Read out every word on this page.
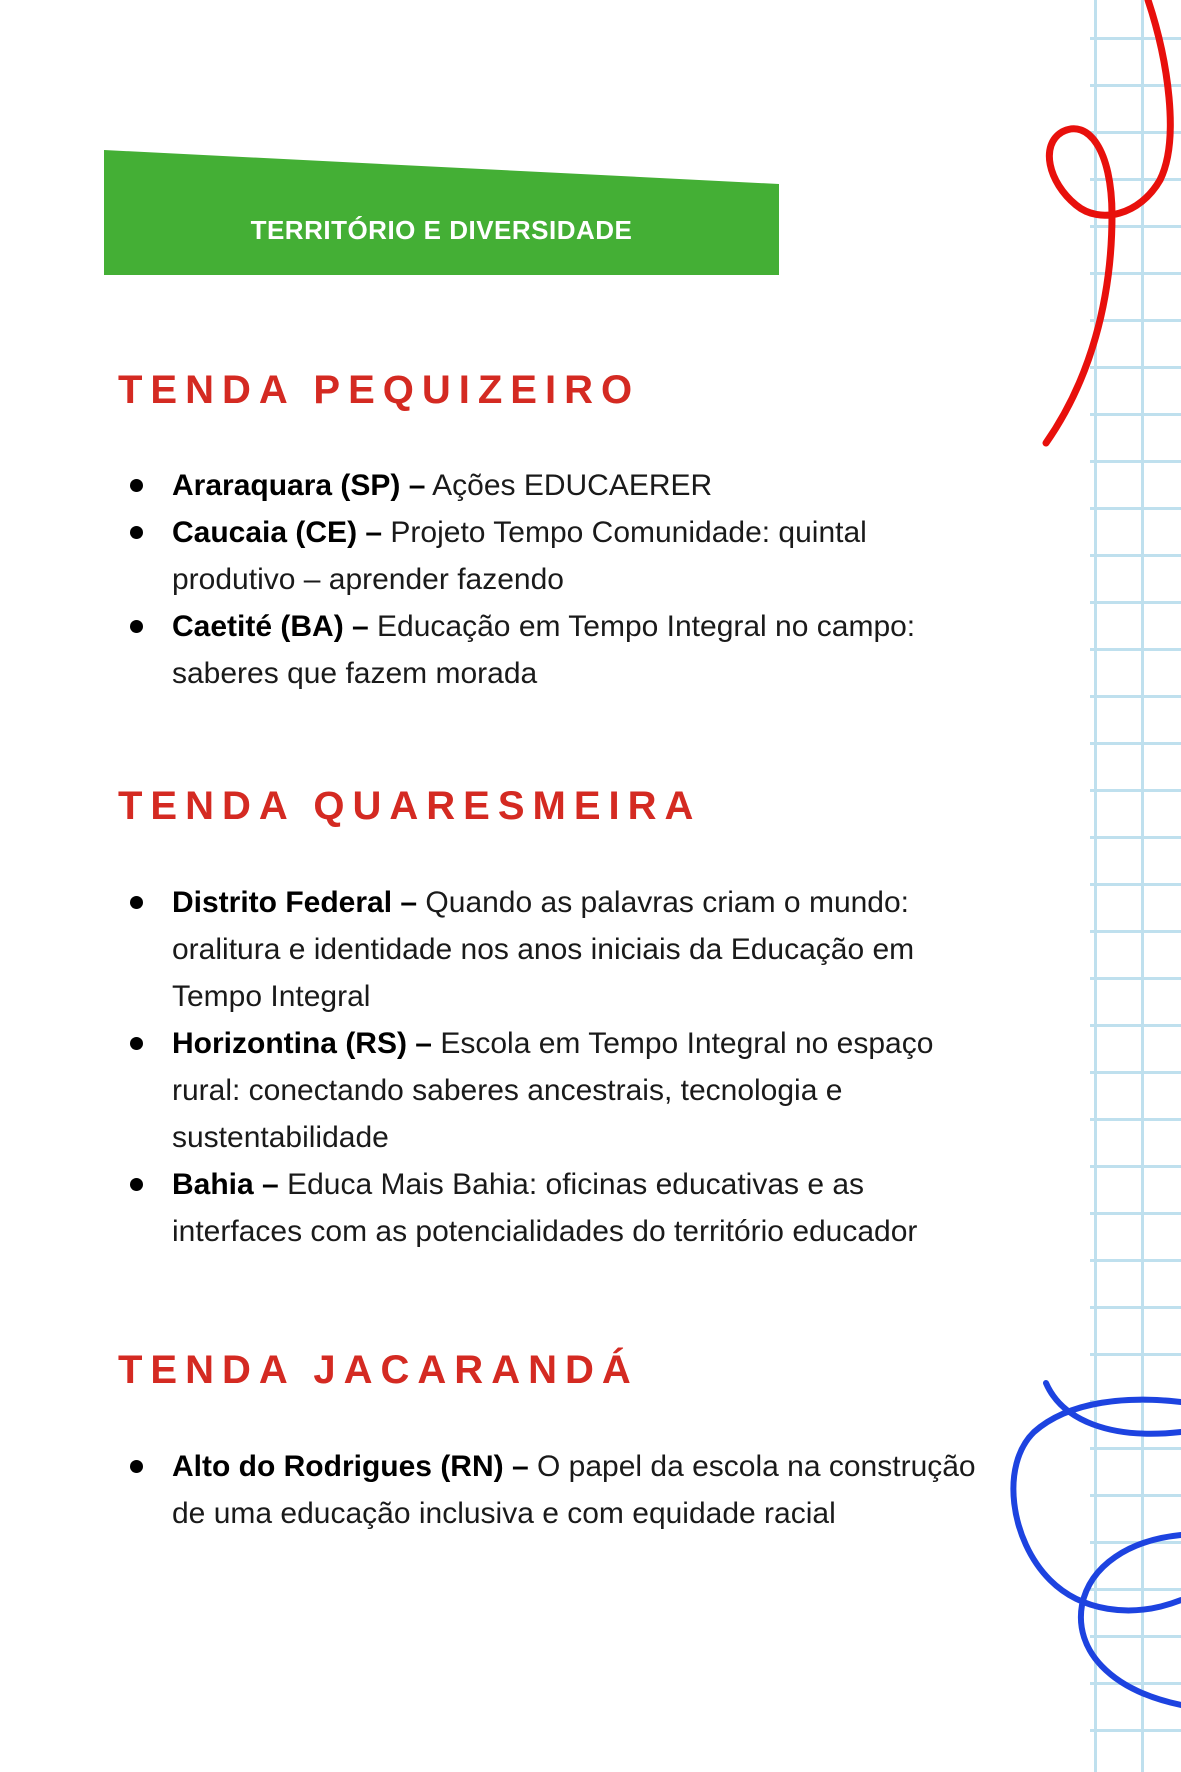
TERRITÓRIO E DIVERSIDADE
TENDA PEQUIZEIRO
Araraquara (SP) – Ações EDUCAERER
Caucaia (CE) – Projeto Tempo Comunidade: quintal produtivo – aprender fazendo
Caetité (BA) – Educação em Tempo Integral no campo: saberes que fazem morada
TENDA QUARESMEIRA
Distrito Federal – Quando as palavras criam o mundo: oralitura e identidade nos anos iniciais da Educação em Tempo Integral
Horizontina (RS) – Escola em Tempo Integral no espaço rural: conectando saberes ancestrais, tecnologia e sustentabilidade
Bahia – Educa Mais Bahia: oficinas educativas e as interfaces com as potencialidades do território educador
TENDA JACARANDÁ
Alto do Rodrigues (RN) – O papel da escola na construção de uma educação inclusiva e com equidade racial
